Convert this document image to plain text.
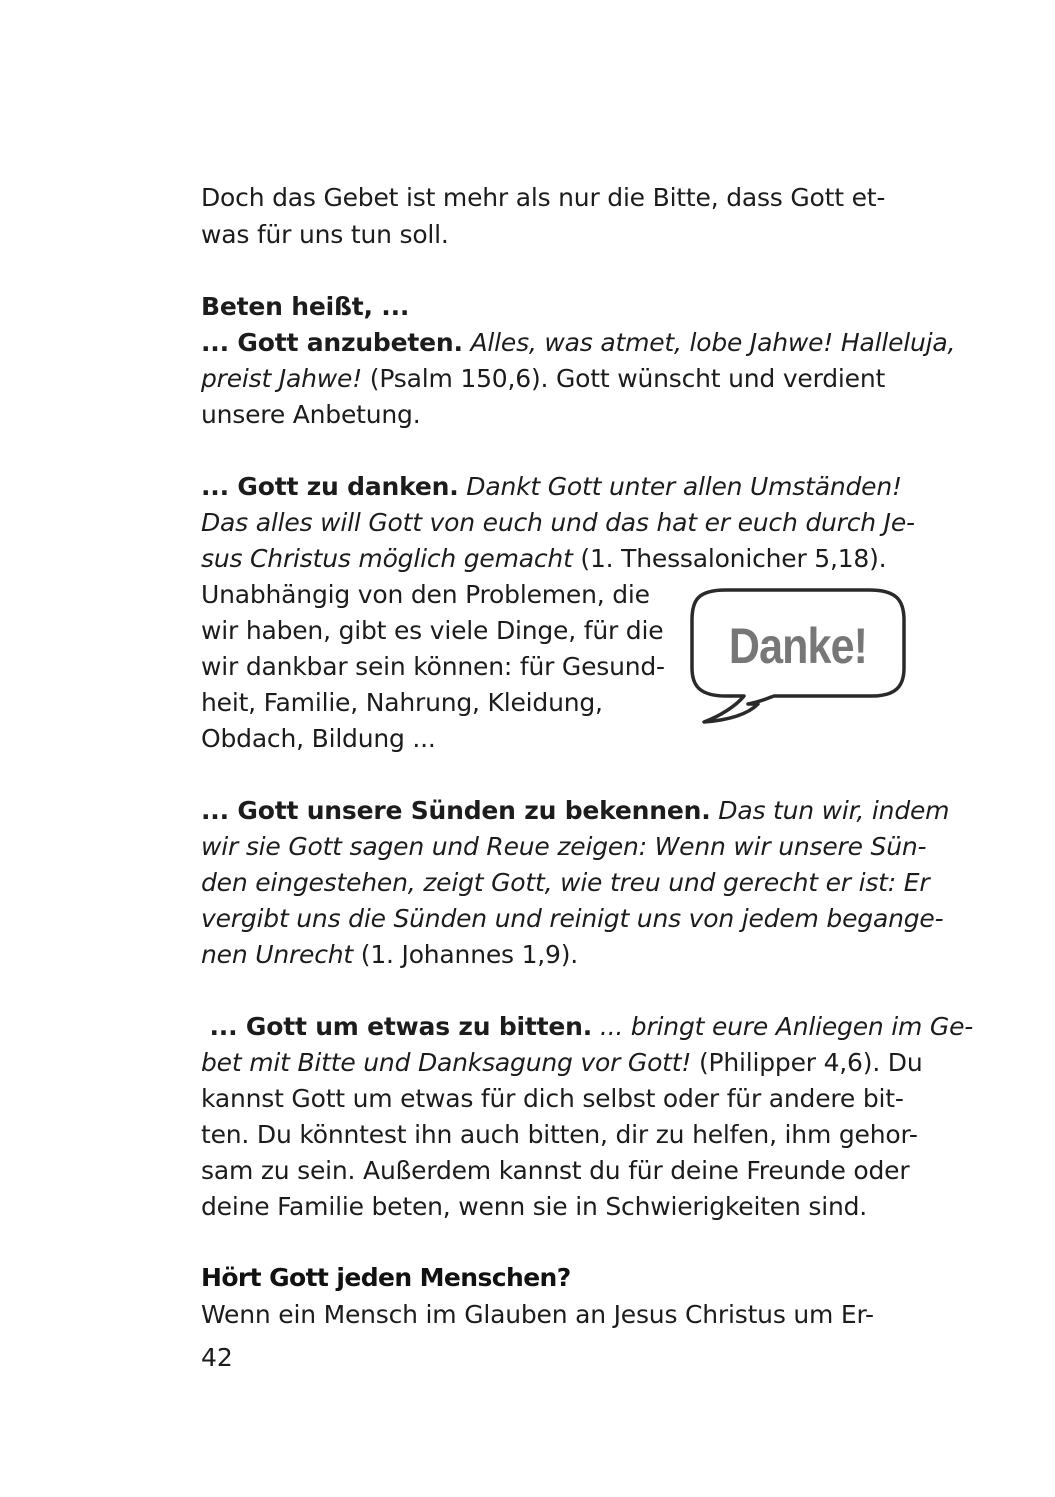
Doch das Gebet ist mehr als nur die Bitte, dass Gott et-
was für uns tun soll.
Beten heißt, ...
... Gott anzubeten. Alles, was atmet, lobe Jahwe! Halleluja,
preist Jahwe! (Psalm 150,6). Gott wünscht und verdient
unsere Anbetung.
... Gott zu danken. Dankt Gott unter allen Umständen!
Das alles will Gott von euch und das hat er euch durch Je-
sus Christus möglich gemacht (1. Thessalonicher 5,18).
Unabhängig von den Problemen, die
wir haben, gibt es viele Dinge, für die
wir dankbar sein können: für Gesund-
heit, Familie, Nahrung, Kleidung,
Obdach, Bildung ...
Danke!
... Gott unsere Sünden zu bekennen. Das tun wir, indem
wir sie Gott sagen und Reue zeigen: Wenn wir unsere Sün-
den eingestehen, zeigt Gott, wie treu und gerecht er ist: Er
vergibt uns die Sünden und reinigt uns von jedem begange-
nen Unrecht (1. Johannes 1,9).
... Gott um etwas zu bitten. ... bringt eure Anliegen im Ge-
bet mit Bitte und Danksagung vor Gott! (Philipper 4,6). Du
kannst Gott um etwas für dich selbst oder für andere bit-
ten. Du könntest ihn auch bitten, dir zu helfen, ihm gehor-
sam zu sein. Außerdem kannst du für deine Freunde oder
deine Familie beten, wenn sie in Schwierigkeiten sind.
Hört Gott jeden Menschen?
Wenn ein Mensch im Glauben an Jesus Christus um Er-
42
